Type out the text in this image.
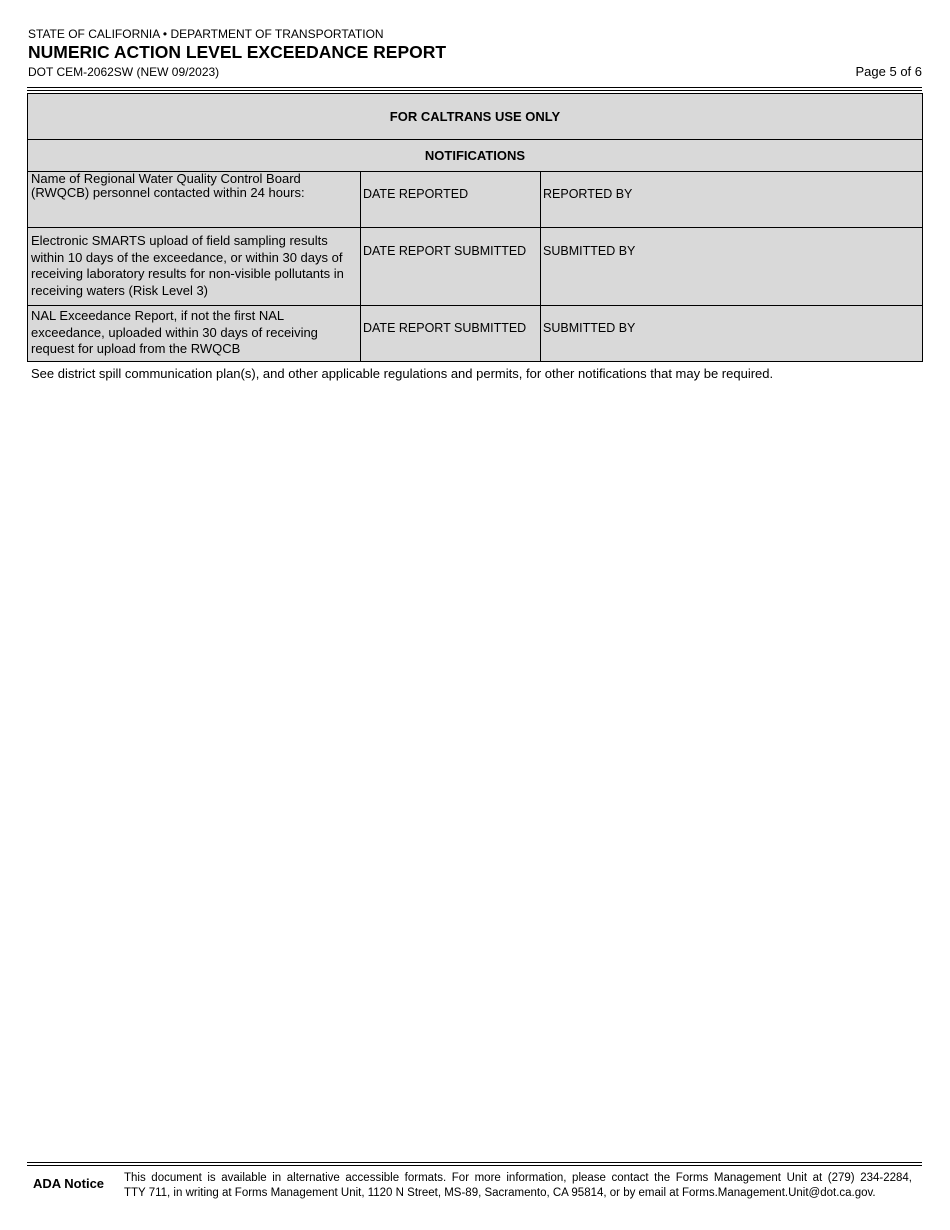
STATE OF CALIFORNIA • DEPARTMENT OF TRANSPORTATION
NUMERIC ACTION LEVEL EXCEEDANCE REPORT
DOT CEM-2062SW (NEW 09/2023)	Page 5 of 6
FOR CALTRANS USE ONLY		
NOTIFICATIONS		
Name of Regional Water Quality Control Board (RWQCB) personnel contacted within 24 hours:	DATE REPORTED	REPORTED BY
Electronic SMARTS upload of field sampling results within 10 days of the exceedance, or within 30 days of receiving laboratory results for non-visible pollutants in receiving waters (Risk Level 3)	DATE REPORT SUBMITTED	SUBMITTED BY
NAL Exceedance Report, if not the first NAL exceedance, uploaded within 30 days of receiving request for upload from the RWQCB	DATE REPORT SUBMITTED	SUBMITTED BY
See district spill communication plan(s), and other applicable regulations and permits, for other notifications that may be required.
ADA Notice This document is available in alternative accessible formats. For more information, please contact the Forms Management Unit at (279) 234-2284,
TTY 711, in writing at Forms Management Unit, 1120 N Street, MS-89, Sacramento, CA 95814, or by email at Forms.Management.Unit@dot.ca.gov.
